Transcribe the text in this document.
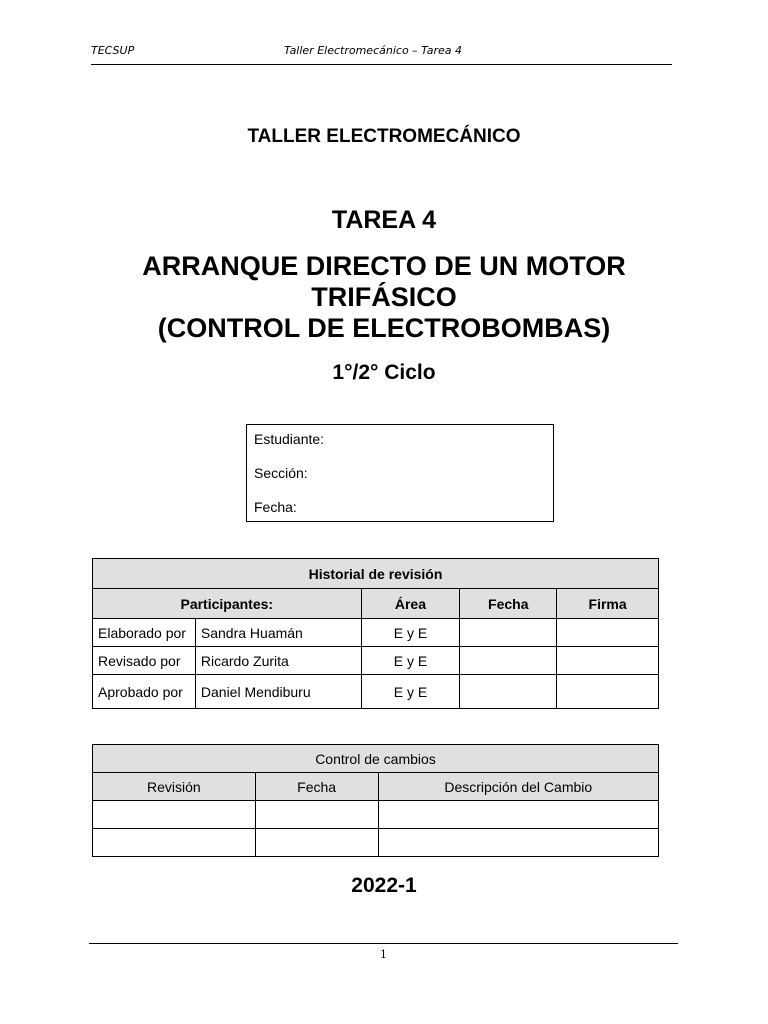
TECSUP	Taller Electromecánico – Tarea 4
TALLER ELECTROMECÁNICO
TAREA 4
ARRANQUE DIRECTO DE UN MOTOR
TRIFÁSICO
(CONTROL DE ELECTROBOMBAS)
1°/2° Ciclo
Estudiante:
Sección:
Fecha:
Historial de revisión				
Participantes:		Área	Fecha	Firma
Elaborado por	Sandra Huamán	E y E		
Revisado por	Ricardo Zurita	E y E		
Aprobado por	Daniel Mendiburu	E y E		
Control de cambios		
Revisión	Fecha	Descripción del Cambio

2022-1
1
